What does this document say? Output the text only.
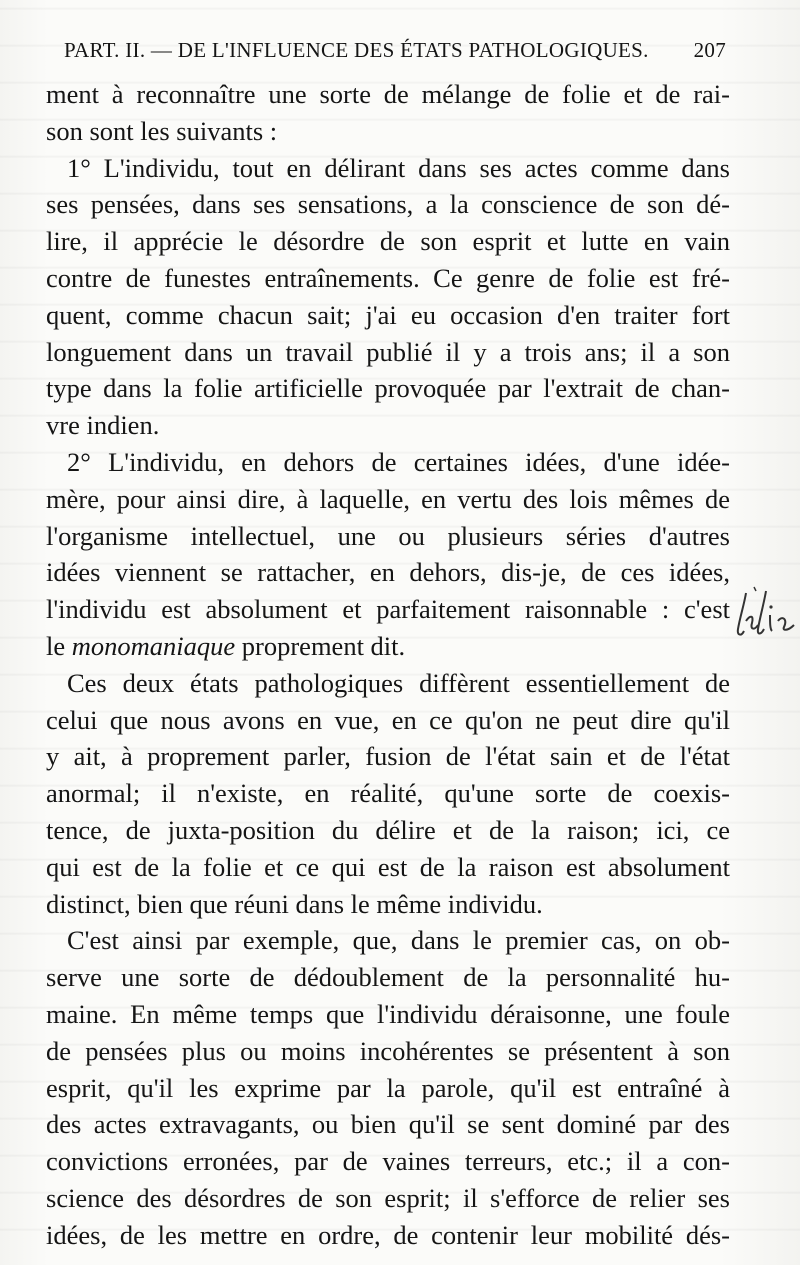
PART. II. — DE L'INFLUENCE DES ÉTATS PATHOLOGIQUES. 207
ment à reconnaître une sorte de mélange de folie et de rai-
son sont les suivants :
1° L'individu, tout en délirant dans ses actes comme dans
ses pensées, dans ses sensations, a la conscience de son dé-
lire, il apprécie le désordre de son esprit et lutte en vain
contre de funestes entraînements. Ce genre de folie est fré-
quent, comme chacun sait; j'ai eu occasion d'en traiter fort
longuement dans un travail publié il y a trois ans; il a son
type dans la folie artificielle provoquée par l'extrait de chan-
vre indien.
2° L'individu, en dehors de certaines idées, d'une idée-
mère, pour ainsi dire, à laquelle, en vertu des lois mêmes de
l'organisme intellectuel, une ou plusieurs séries d'autres
idées viennent se rattacher, en dehors, dis-je, de ces idées,
l'individu est absolument et parfaitement raisonnable : c'est
le monomaniaque proprement dit.
Ces deux états pathologiques diffèrent essentiellement de
celui que nous avons en vue, en ce qu'on ne peut dire qu'il
y ait, à proprement parler, fusion de l'état sain et de l'état
anormal; il n'existe, en réalité, qu'une sorte de coexis-
tence, de juxta-position du délire et de la raison; ici, ce
qui est de la folie et ce qui est de la raison est absolument
distinct, bien que réuni dans le même individu.
C'est ainsi par exemple, que, dans le premier cas, on ob-
serve une sorte de dédoublement de la personnalité hu-
maine. En même temps que l'individu déraisonne, une foule
de pensées plus ou moins incohérentes se présentent à son
esprit, qu'il les exprime par la parole, qu'il est entraîné à
des actes extravagants, ou bien qu'il se sent dominé par des
convictions erronées, par de vaines terreurs, etc.; il a con-
science des désordres de son esprit; il s'efforce de relier ses
idées, de les mettre en ordre, de contenir leur mobilité dés-
